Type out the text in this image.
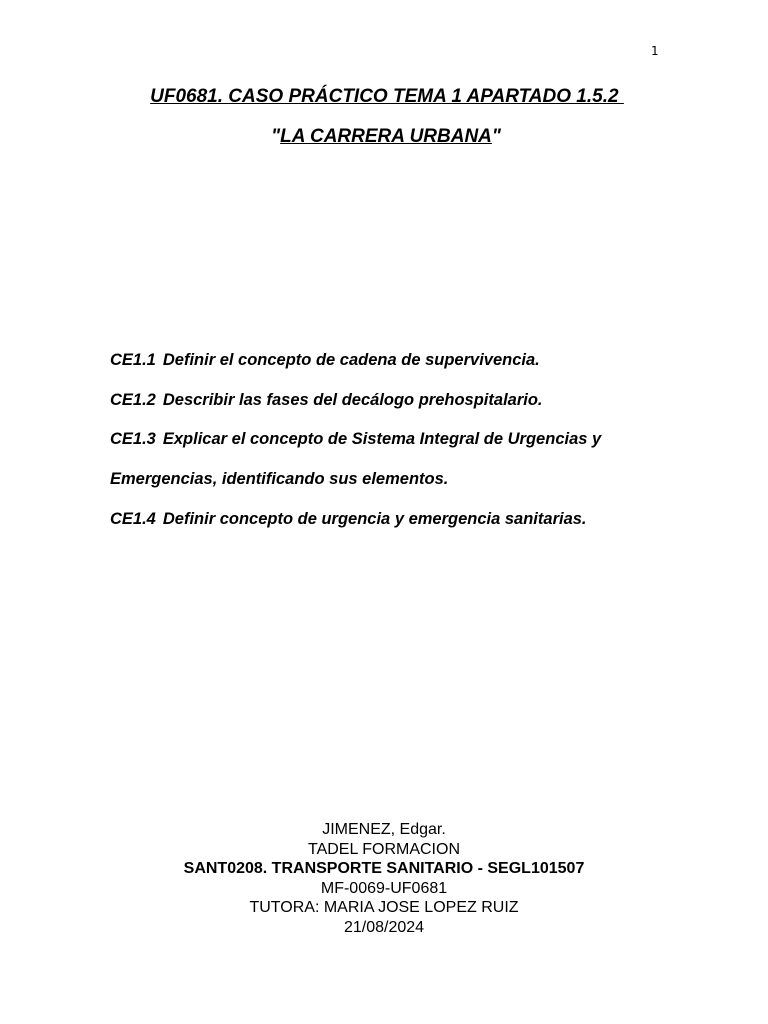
1
UF0681. CASO PRÁCTICO TEMA 1 APARTADO 1.5.2
"LA CARRERA URBANA"
CE1.1 Definir el concepto de cadena de supervivencia.
CE1.2 Describir las fases del decálogo prehospitalario.
CE1.3 Explicar el concepto de Sistema Integral de Urgencias y
Emergencias, identificando sus elementos.
CE1.4 Definir concepto de urgencia y emergencia sanitarias.
JIMENEZ, Edgar.
TADEL FORMACION
SANT0208. TRANSPORTE SANITARIO - SEGL101507
MF-0069-UF0681
TUTORA: MARIA JOSE LOPEZ RUIZ
21/08/2024
